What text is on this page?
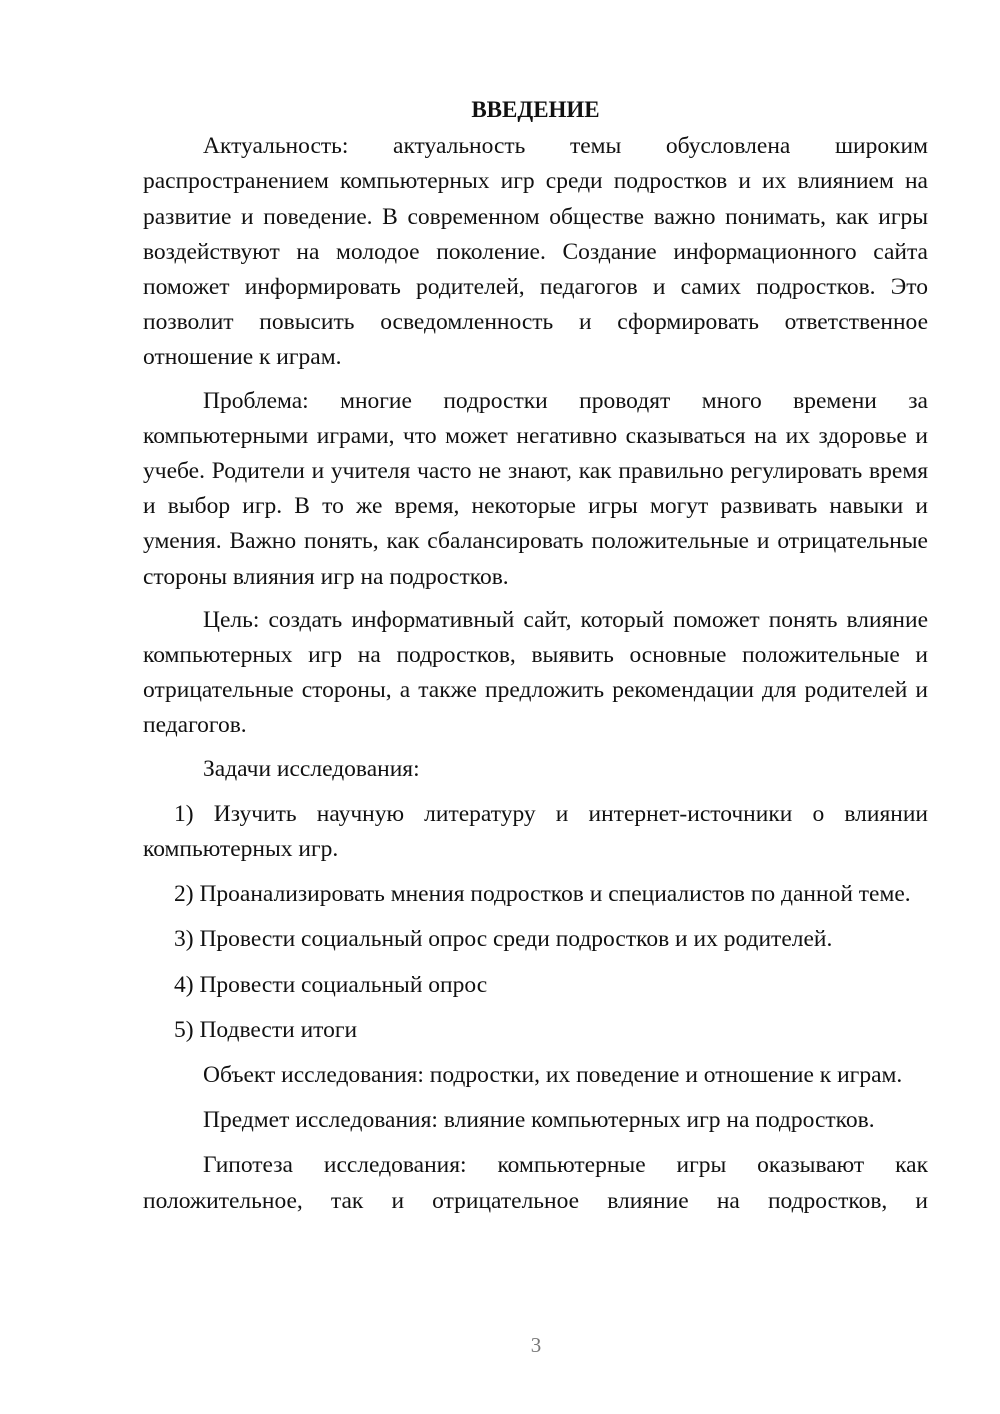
ВВЕДЕНИЕ

Актуальность: актуальность темы обусловлена широким распространением компьютерных игр среди подростков и их влиянием на развитие и поведение. В современном обществе важно понимать, как игры воздействуют на молодое поколение. Создание информационного сайта поможет информировать родителей, педагогов и самих подростков. Это позволит повысить осведомленность и сформировать ответственное отношение к играм.

Проблема: многие подростки проводят много времени за компьютерными играми, что может негативно сказываться на их здоровье и учебе. Родители и учителя часто не знают, как правильно регулировать время и выбор игр. В то же время, некоторые игры могут развивать навыки и умения. Важно понять, как сбалансировать положительные и отрицательные стороны влияния игр на подростков.

Цель: создать информативный сайт, который поможет понять влияние компьютерных игр на подростков, выявить основные положительные и отрицательные стороны, а также предложить рекомендации для родителей и педагогов.

Задачи исследования:

1) Изучить научную литературу и интернет-источники о влиянии компьютерных игр.

2) Проанализировать мнения подростков и специалистов по данной теме.

3) Провести социальный опрос среди подростков и их родителей.

4) Провести социальный опрос

5) Подвести итоги

Объект исследования: подростки, их поведение и отношение к играм.

Предмет исследования: влияние компьютерных игр на подростков.

Гипотеза исследования: компьютерные игры оказывают как положительное, так и отрицательное влияние на подростков, и

3
